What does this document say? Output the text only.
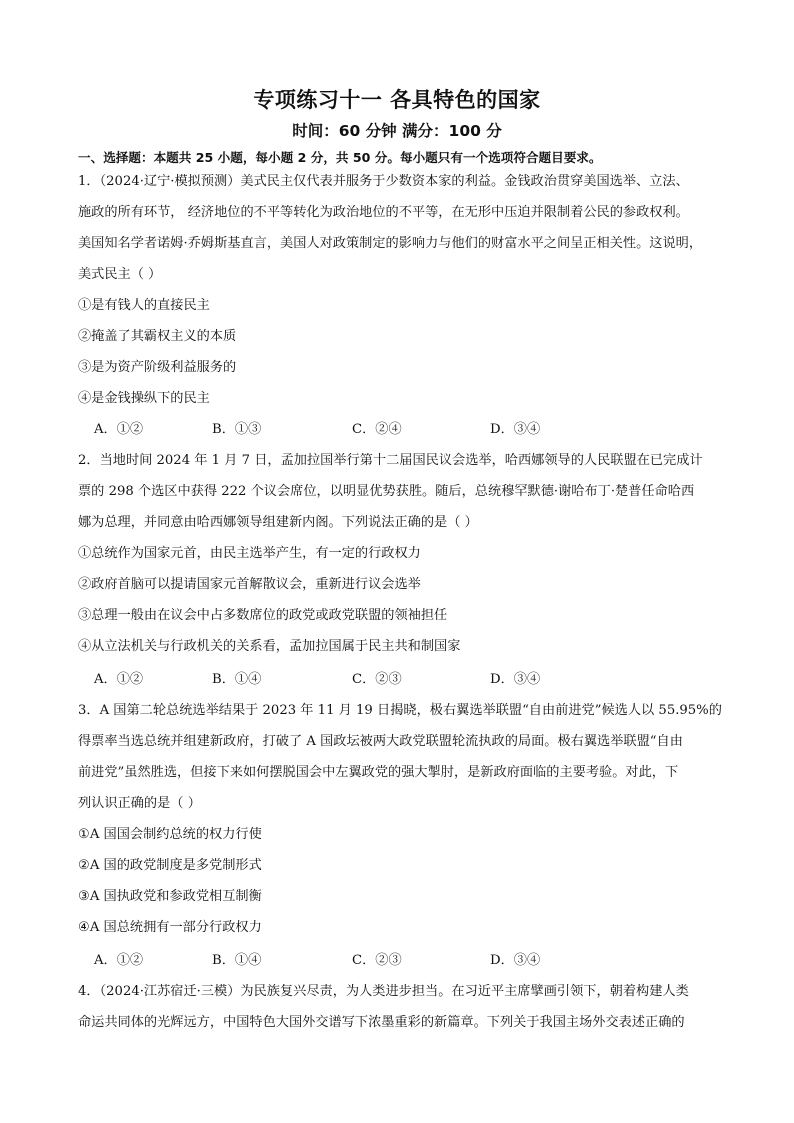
专项练习十一 各具特色的国家
时间：60 分钟 满分：100 分
一、选择题：本题共 25 小题，每小题 2 分，共 50 分。每小题只有一个选项符合题目要求。
1．（2024·辽宁·模拟预测）美式民主仅代表并服务于少数资本家的利益。金钱政治贯穿美国选举、立法、
施政的所有环节， 经济地位的不平等转化为政治地位的不平等，在无形中压迫并限制着公民的参政权利。
美国知名学者诺姆·乔姆斯基直言，美国人对政策制定的影响力与他们的财富水平之间呈正相关性。这说明，
美式民主（ ）
①是有钱人的直接民主
②掩盖了其霸权主义的本质
③是为资产阶级利益服务的
④是金钱操纵下的民主
A．①②	B．①③	C．②④	D．③④
2．当地时间 2024 年 1 月 7 日，孟加拉国举行第十二届国民议会选举，哈西娜领导的人民联盟在已完成计
票的 298 个选区中获得 222 个议会席位，以明显优势获胜。随后，总统穆罕默德·谢哈布丁·楚普任命哈西
娜为总理，并同意由哈西娜领导组建新内阁。下列说法正确的是（ ）
①总统作为国家元首，由民主选举产生，有一定的行政权力
②政府首脑可以提请国家元首解散议会，重新进行议会选举
③总理一般由在议会中占多数席位的政党或政党联盟的领袖担任
④从立法机关与行政机关的关系看，孟加拉国属于民主共和制国家
A．①②	B．①④	C．②③	D．③④
3．A 国第二轮总统选举结果于 2023 年 11 月 19 日揭晓，极右翼选举联盟“自由前进党”候选人以 55.95%的
得票率当选总统并组建新政府，打破了 A 国政坛被两大政党联盟轮流执政的局面。极右翼选举联盟“自由
前进党”虽然胜选，但接下来如何摆脱国会中左翼政党的强大掣肘，是新政府面临的主要考验。对此，下
列认识正确的是（ ）
①A 国国会制约总统的权力行使
②A 国的政党制度是多党制形式
③A 国执政党和参政党相互制衡
④A 国总统拥有一部分行政权力
A．①②	B．①④	C．②③	D．③④
4．（2024·江苏宿迁·三模）为民族复兴尽责，为人类进步担当。在习近平主席擘画引领下，朝着构建人类
命运共同体的光辉远方，中国特色大国外交谱写下浓墨重彩的新篇章。下列关于我国主场外交表述正确的
